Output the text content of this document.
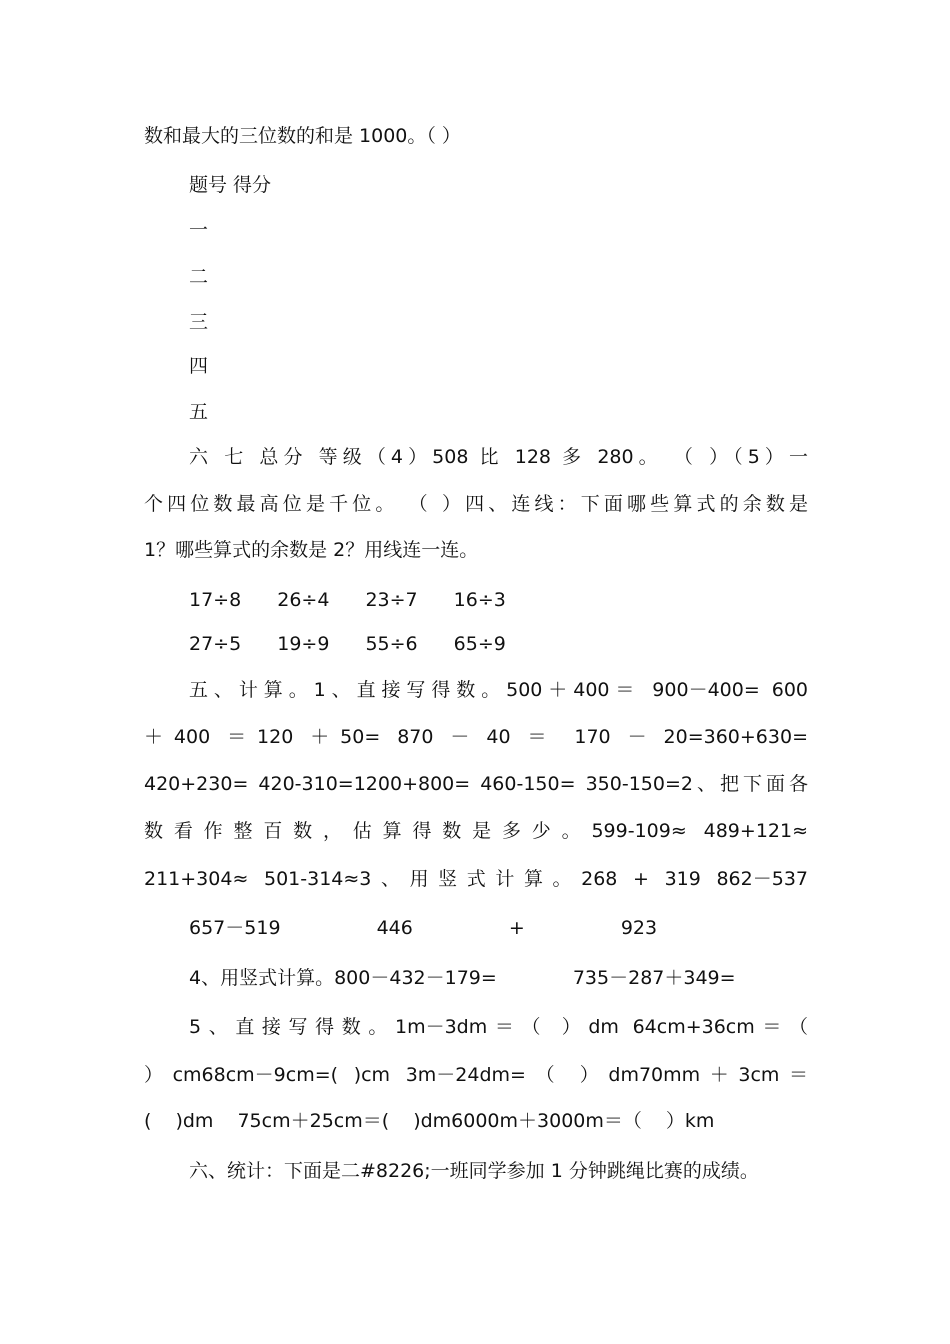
数和最大的三位数的和是 1000。（ ）
题号 得分
一
二
三
四
五
六 七 总分 等级（4）508 比 128 多 280。 （ ）（5）一
个四位数最高位是千位。 （ ）四、连线：下面哪些算式的余数是
1？哪些算式的余数是 2？用线连一连。
17÷8 26÷4 23÷7 16÷3
27÷5 19÷9 55÷6 65÷9
五、计算。1、直接写得数。500＋400＝ 900－400= 600
＋400 ＝120 ＋50= 870 － 40 ＝ 170 － 20=360+630=
420+230= 420-310=1200+800= 460-150= 350-150=2、把下面各
数看作整百数，估算得数是多少。599-109≈ 489+121≈
211+304≈ 501-314≈3、用竖式计算。268 + 319 862－537
657－519 446 + 923
4、用竖式计算。800－432－179= 735－287＋349=
5、直接写得数。1m－3dm＝（ ）dm 64cm+36cm＝（
）cm68cm－9cm=( )cm 3m－24dm=（ ）dm70mm＋3cm＝
( )dm 75cm＋25cm＝( )dm6000m＋3000m＝（ ）km
六、统计：下面是二#8226;一班同学参加 1 分钟跳绳比赛的成绩。
